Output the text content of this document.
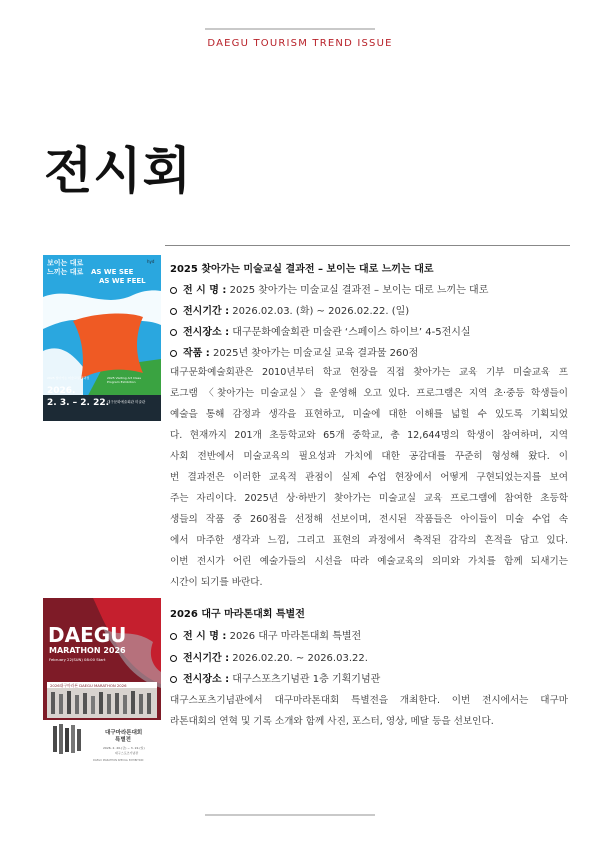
DAEGU TOURISM TREND ISSUE
전시회
보이는 대로
느끼는 대로 AS WE SEE
AS WE FEEL
hyd
2025 찾아가는 미술교실 결과전	2025 Visiting Art Class
Program Exhibition
2026.
2. 3. – 2. 22.
대구문화예술회관 미술관
2025 찾아가는 미술교실 결과전 – 보이는 대로 느끼는 대로
전 시 명 : 2025 찾아가는 미술교실 결과전 – 보이는 대로 느끼는 대로
전시기간 : 2026.02.03. (화) ~ 2026.02.22. (일)
전시장소 : 대구문화예술회관 미술관 ‘스페이스 하이브’ 4-5전시실
작품 : 2025년 찾아가는 미술교실 교육 결과물 260점
대구문화예술회관은 2010년부터 학교 현장을 직접 찾아가는 교육 기부 미술교육 프
로그램 〈찾아가는 미술교실〉을 운영해 오고 있다. 프로그램은 지역 초·중등 학생들이
예술을 통해 감정과 생각을 표현하고, 미술에 대한 이해를 넓힐 수 있도록 기획되었
다. 현재까지 201개 초등학교와 65개 중학교, 총 12,644명의 학생이 참여하며, 지역
사회 전반에서 미술교육의 필요성과 가치에 대한 공감대를 꾸준히 형성해 왔다. 이
번 결과전은 이러한 교육적 관점이 실제 수업 현장에서 어떻게 구현되었는지를 보여
주는 자리이다. 2025년 상·하반기 찾아가는 미술교실 교육 프로그램에 참여한 초등학
생들의 작품 중 260점을 선정해 선보이며, 전시된 작품들은 아이들이 미술 수업 속
에서 마주한 생각과 느낌, 그리고 표현의 과정에서 축적된 감각의 흔적을 담고 있다.
이번 전시가 어린 예술가들의 시선을 따라 예술교육의 의미와 가치를 함께 되새기는
시간이 되기를 바란다.
DAEGU
MARATHON 2026
February 22(SUN) 08:00 Start
2026대구마라톤 DAEGU MARATHON 2026
대구마라톤대회
특별전
2026. 2. 20.(금) ~ 3. 22.(일)
대구스포츠기념관
DAEGU MARATHON SPECIAL EXHIBITION
2026 대구 마라톤대회 특별전
전 시 명 : 2026 대구 마라톤대회 특별전
전시기간 : 2026.02.20. ~ 2026.03.22.
전시장소 : 대구스포츠기념관 1층 기획기념관
대구스포츠기념관에서 대구마라톤대회 특별전을 개최한다. 이번 전시에서는 대구마
라톤대회의 연혁 및 기록 소개와 함께 사진, 포스터, 영상, 메달 등을 선보인다.
